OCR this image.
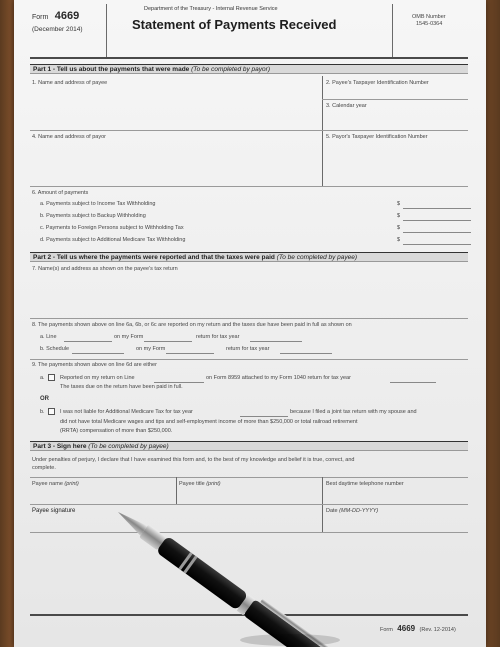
Form 4669
(December 2014)
Department of the Treasury - Internal Revenue Service
Statement of Payments Received	OMB Number
1545-0364
Part 1 - Tell us about the payments that were made (To be completed by payor)
1. Name and address of payee	2. Payee's Taxpayer Identification Number
3. Calendar year
4. Name and address of payor	5. Payor's Taxpayer Identification Number
6. Amount of payments
a. Payments subject to Income Tax Withholding	$
b. Payments subject to Backup Withholding	$
c. Payments to Foreign Persons subject to Withholding Tax	$
d. Payments subject to Additional Medicare Tax Withholding	$
Part 2 - Tell us where the payments were reported and that the taxes were paid (To be completed by payee)
7. Name(s) and address as shown on the payee's tax return
8. The payments shown above on line 6a, 6b, or 6c are reported on my return and the taxes due have been paid in full as shown on
a. Line	on my Form	return for tax year
b. Schedule	on my Form	return for tax year
9. The payments shown above on line 6d are either
a.	Reported on my return on Line	on Form 8959 attached to my Form 1040 return for tax year
The taxes due on the return have been paid in full.
OR
b.	I was not liable for Additional Medicare Tax for tax year	because I filed a joint tax return with my spouse and
did not have total Medicare wages and tips and self-employment income of more than $250,000 or total railroad retirement
(RRTA) compensation of more than $250,000.
Part 3 - Sign here (To be completed by payee)
Under penalties of perjury, I declare that I have examined this form and, to the best of my knowledge and belief it is true, correct, and
complete.
Payee name (print)	Payee title (print)	Best daytime telephone number
Payee signature	Date (MM-DD-YYYY)
Form 4669 (Rev. 12-2014)
